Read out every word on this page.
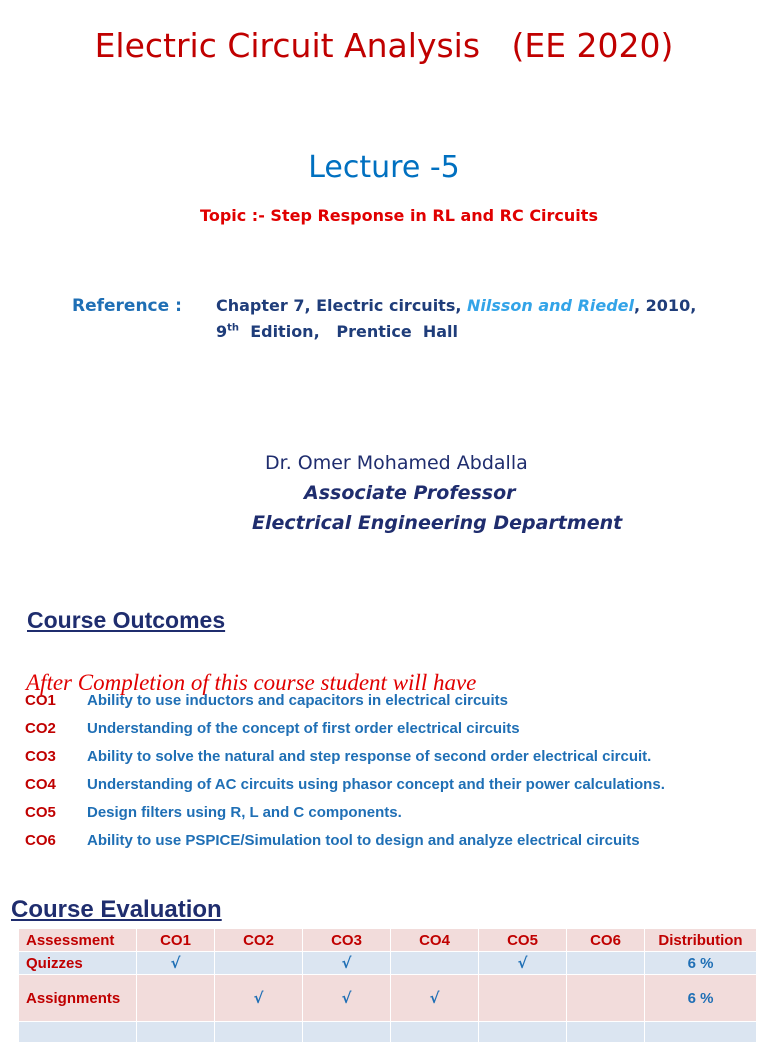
Electric Circuit Analysis   (EE 2020)
Lecture -5
Topic :- Step Response in RL and RC Circuits
Reference : Chapter 7, Electric circuits, Nilsson and Riedel, 2010,
9th  Edition,   Prentice  Hall
Dr. Omer Mohamed Abdalla
Associate Professor
Electrical Engineering Department
Course Outcomes
After Completion of this course student will have
CO1 Ability to use inductors and capacitors in electrical circuits
CO2 Understanding of the concept of first order electrical circuits
CO3 Ability to solve the natural and step response of second order electrical circuit.
CO4 Understanding of AC circuits using phasor concept and their power calculations.
CO5 Design filters using R, L and C components.
CO6 Ability to use PSPICE/Simulation tool to design and analyze electrical circuits
Course Evaluation
Assessment	CO1	CO2	CO3	CO4	CO5	CO6	Distribution
Quizzes	√		√		√		6 %
Assignments		√	√	√			6 %
